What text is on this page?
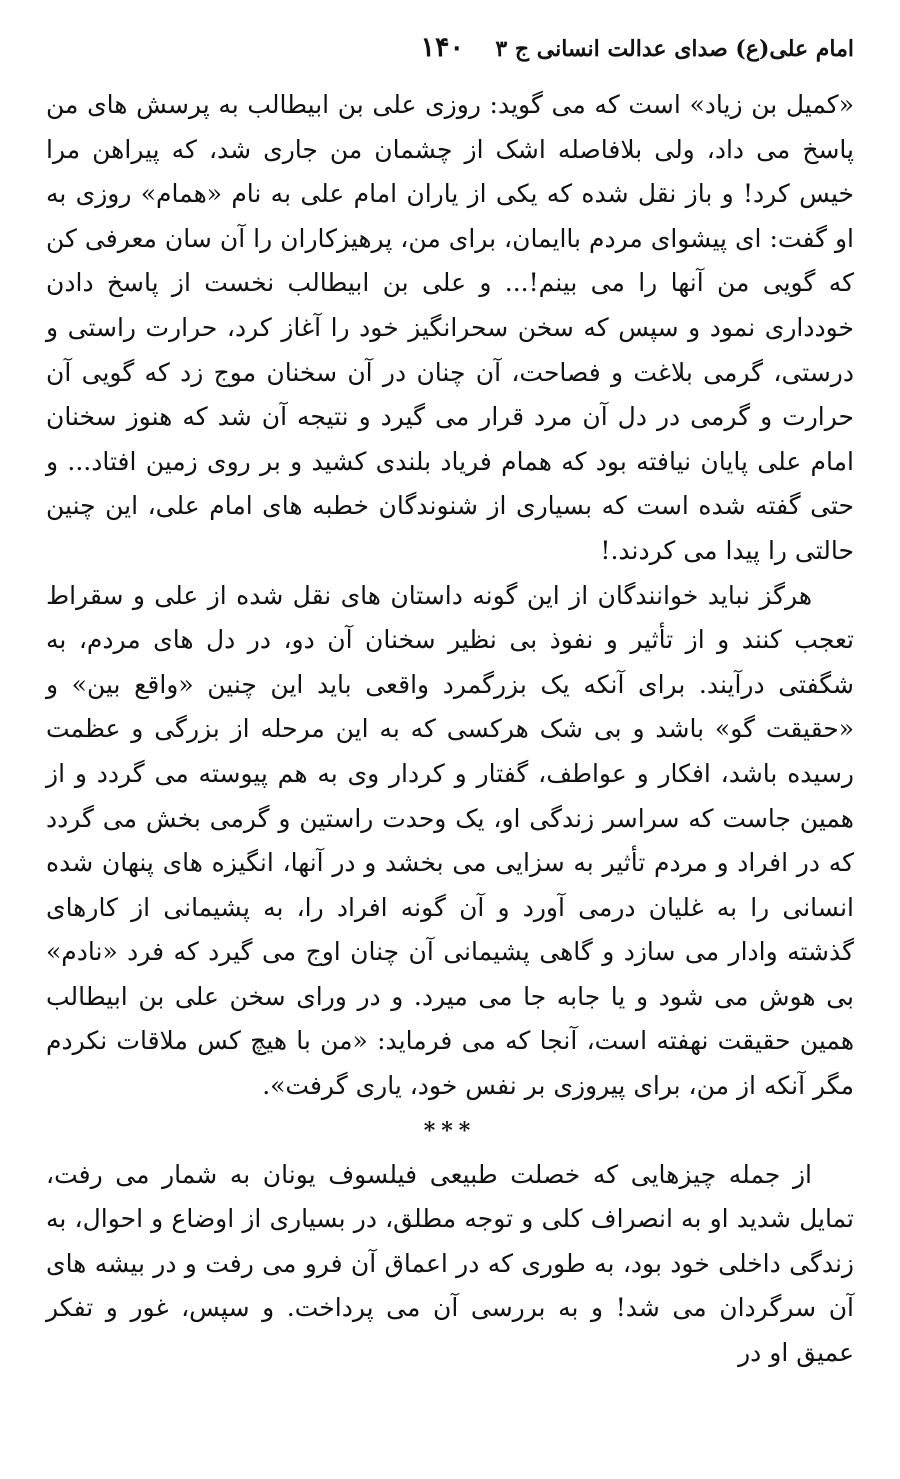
امام علی(ع) صدای عدالت انسانی ج ۳
۱۴۰

«کمیل بن زیاد» است که می گوید: روزی علی بن ابیطالب به پرسش های من پاسخ می داد، ولی بلافاصله اشک از چشمان من جاری شد، که پیراهن مرا خیس کرد! و باز نقل شده که یکی از یاران امام علی به نام «همام» روزی به او گفت: ای پیشوای مردم باایمان، برای من، پرهیزکاران را آن سان معرفی کن که گویی من آنها را می بینم!... و علی بن ابیطالب نخست از پاسخ دادن خودداری نمود و سپس که سخن سحرانگیز خود را آغاز کرد، حرارت راستی و درستی، گرمی بلاغت و فصاحت، آن چنان در آن سخنان موج زد که گویی آن حرارت و گرمی در دل آن مرد قرار می گیرد و نتیجه آن شد که هنوز سخنان امام علی پایان نیافته بود که همام فریاد بلندی کشید و بر روی زمین افتاد... و حتی گفته شده است که بسیاری از شنوندگان خطبه های امام علی، این چنین حالتی را پیدا می کردند.!

هرگز نباید خوانندگان از این گونه داستان های نقل شده از علی و سقراط تعجب کنند و از تأثیر و نفوذ بی نظیر سخنان آن دو، در دل های مردم، به شگفتی درآیند. برای آنکه یک بزرگمرد واقعی باید این چنین «واقع بین» و «حقیقت گو» باشد و بی شک هرکسی که به این مرحله از بزرگی و عظمت رسیده باشد، افکار و عواطف، گفتار و کردار وی به هم پیوسته می گردد و از همین جاست که سراسر زندگی او، یک وحدت راستین و گرمی بخش می گردد که در افراد و مردم تأثیر به سزایی می بخشد و در آنها، انگیزه های پنهان شده انسانی را به غلیان درمی آورد و آن گونه افراد را، به پشیمانی از کارهای گذشته وادار می سازد و گاهی پشیمانی آن چنان اوج می گیرد که فرد «نادم» بی هوش می شود و یا جابه جا می میرد. و در ورای سخن علی بن ابیطالب همین حقیقت نهفته است، آنجا که می فرماید: «من با هیچ کس ملاقات نکردم مگر آنکه از من، برای پیروزی بر نفس خود، یاری گرفت».

***

از جمله چیزهایی که خصلت طبیعی فیلسوف یونان به شمار می رفت، تمایل شدید او به انصراف کلی و توجه مطلق، در بسیاری از اوضاع و احوال، به زندگی داخلی خود بود، به طوری که در اعماق آن فرو می رفت و در بیشه های آن سرگردان می شد! و به بررسی آن می پرداخت. و سپس، غور و تفکر عمیق او در
